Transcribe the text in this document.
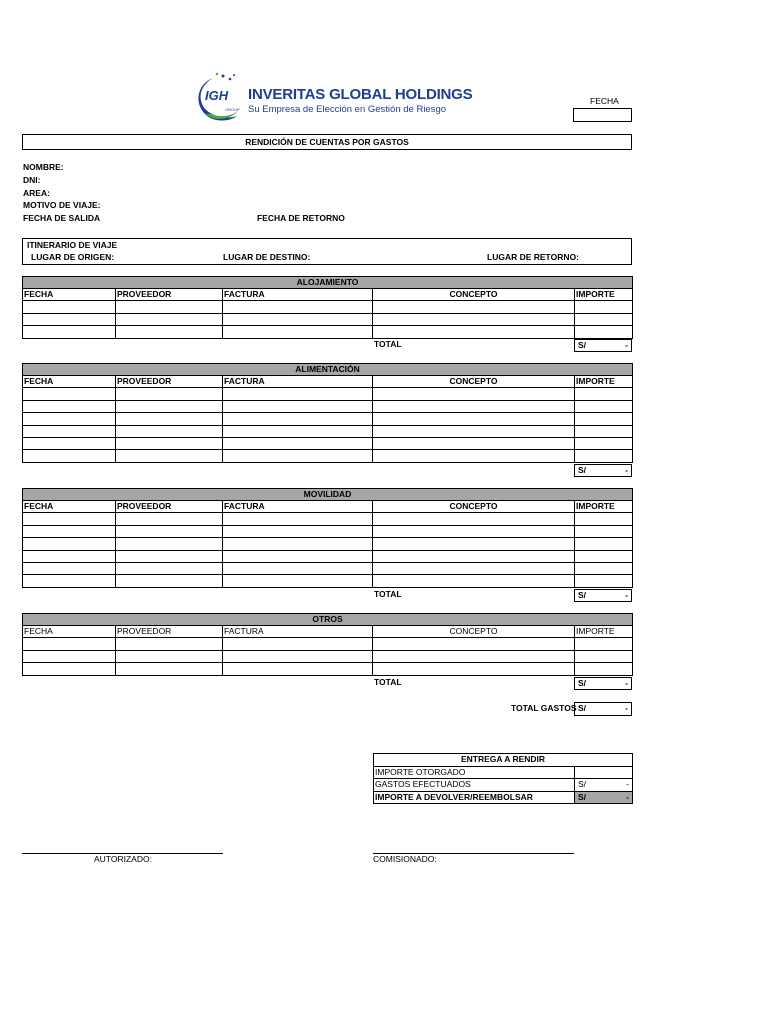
IGH
GROUP
INVERITAS GLOBAL HOLDINGS
Su Empresa de Elección en Gestión de Riesgo
FECHA
RENDICIÓN DE CUENTAS POR GASTOS
NOMBRE:
DNI:
AREA:
MOTIVO DE VIAJE:
FECHA DE SALIDA	FECHA DE RETORNO
ITINERARIO DE VIAJE
LUGAR DE ORIGEN:	LUGAR DE DESTINO:	LUGAR DE RETORNO:
ALOJAMIENTO				
FECHA	PROVEEDOR	FACTURA	CONCEPTO	IMPORTE

TOTAL	S/	-
ALIMENTACIÓN				
FECHA	PROVEEDOR	FACTURA	CONCEPTO	IMPORTE

S/	-
MOVILIDAD				
FECHA	PROVEEDOR	FACTURA	CONCEPTO	IMPORTE

TOTAL	S/	-
OTROS				
FECHA	PROVEEDOR	FACTURA	CONCEPTO	IMPORTE

TOTAL	S/	-
TOTAL GASTOS S/	-
ENTREGA A RENDIR	
IMPORTE OTORGADO	
GASTOS EFECTUADOS	S/ -

IMPORTE A DEVOLVER/REEMBOLSAR	S/ -
AUTORIZADO:	COMISIONADO:
